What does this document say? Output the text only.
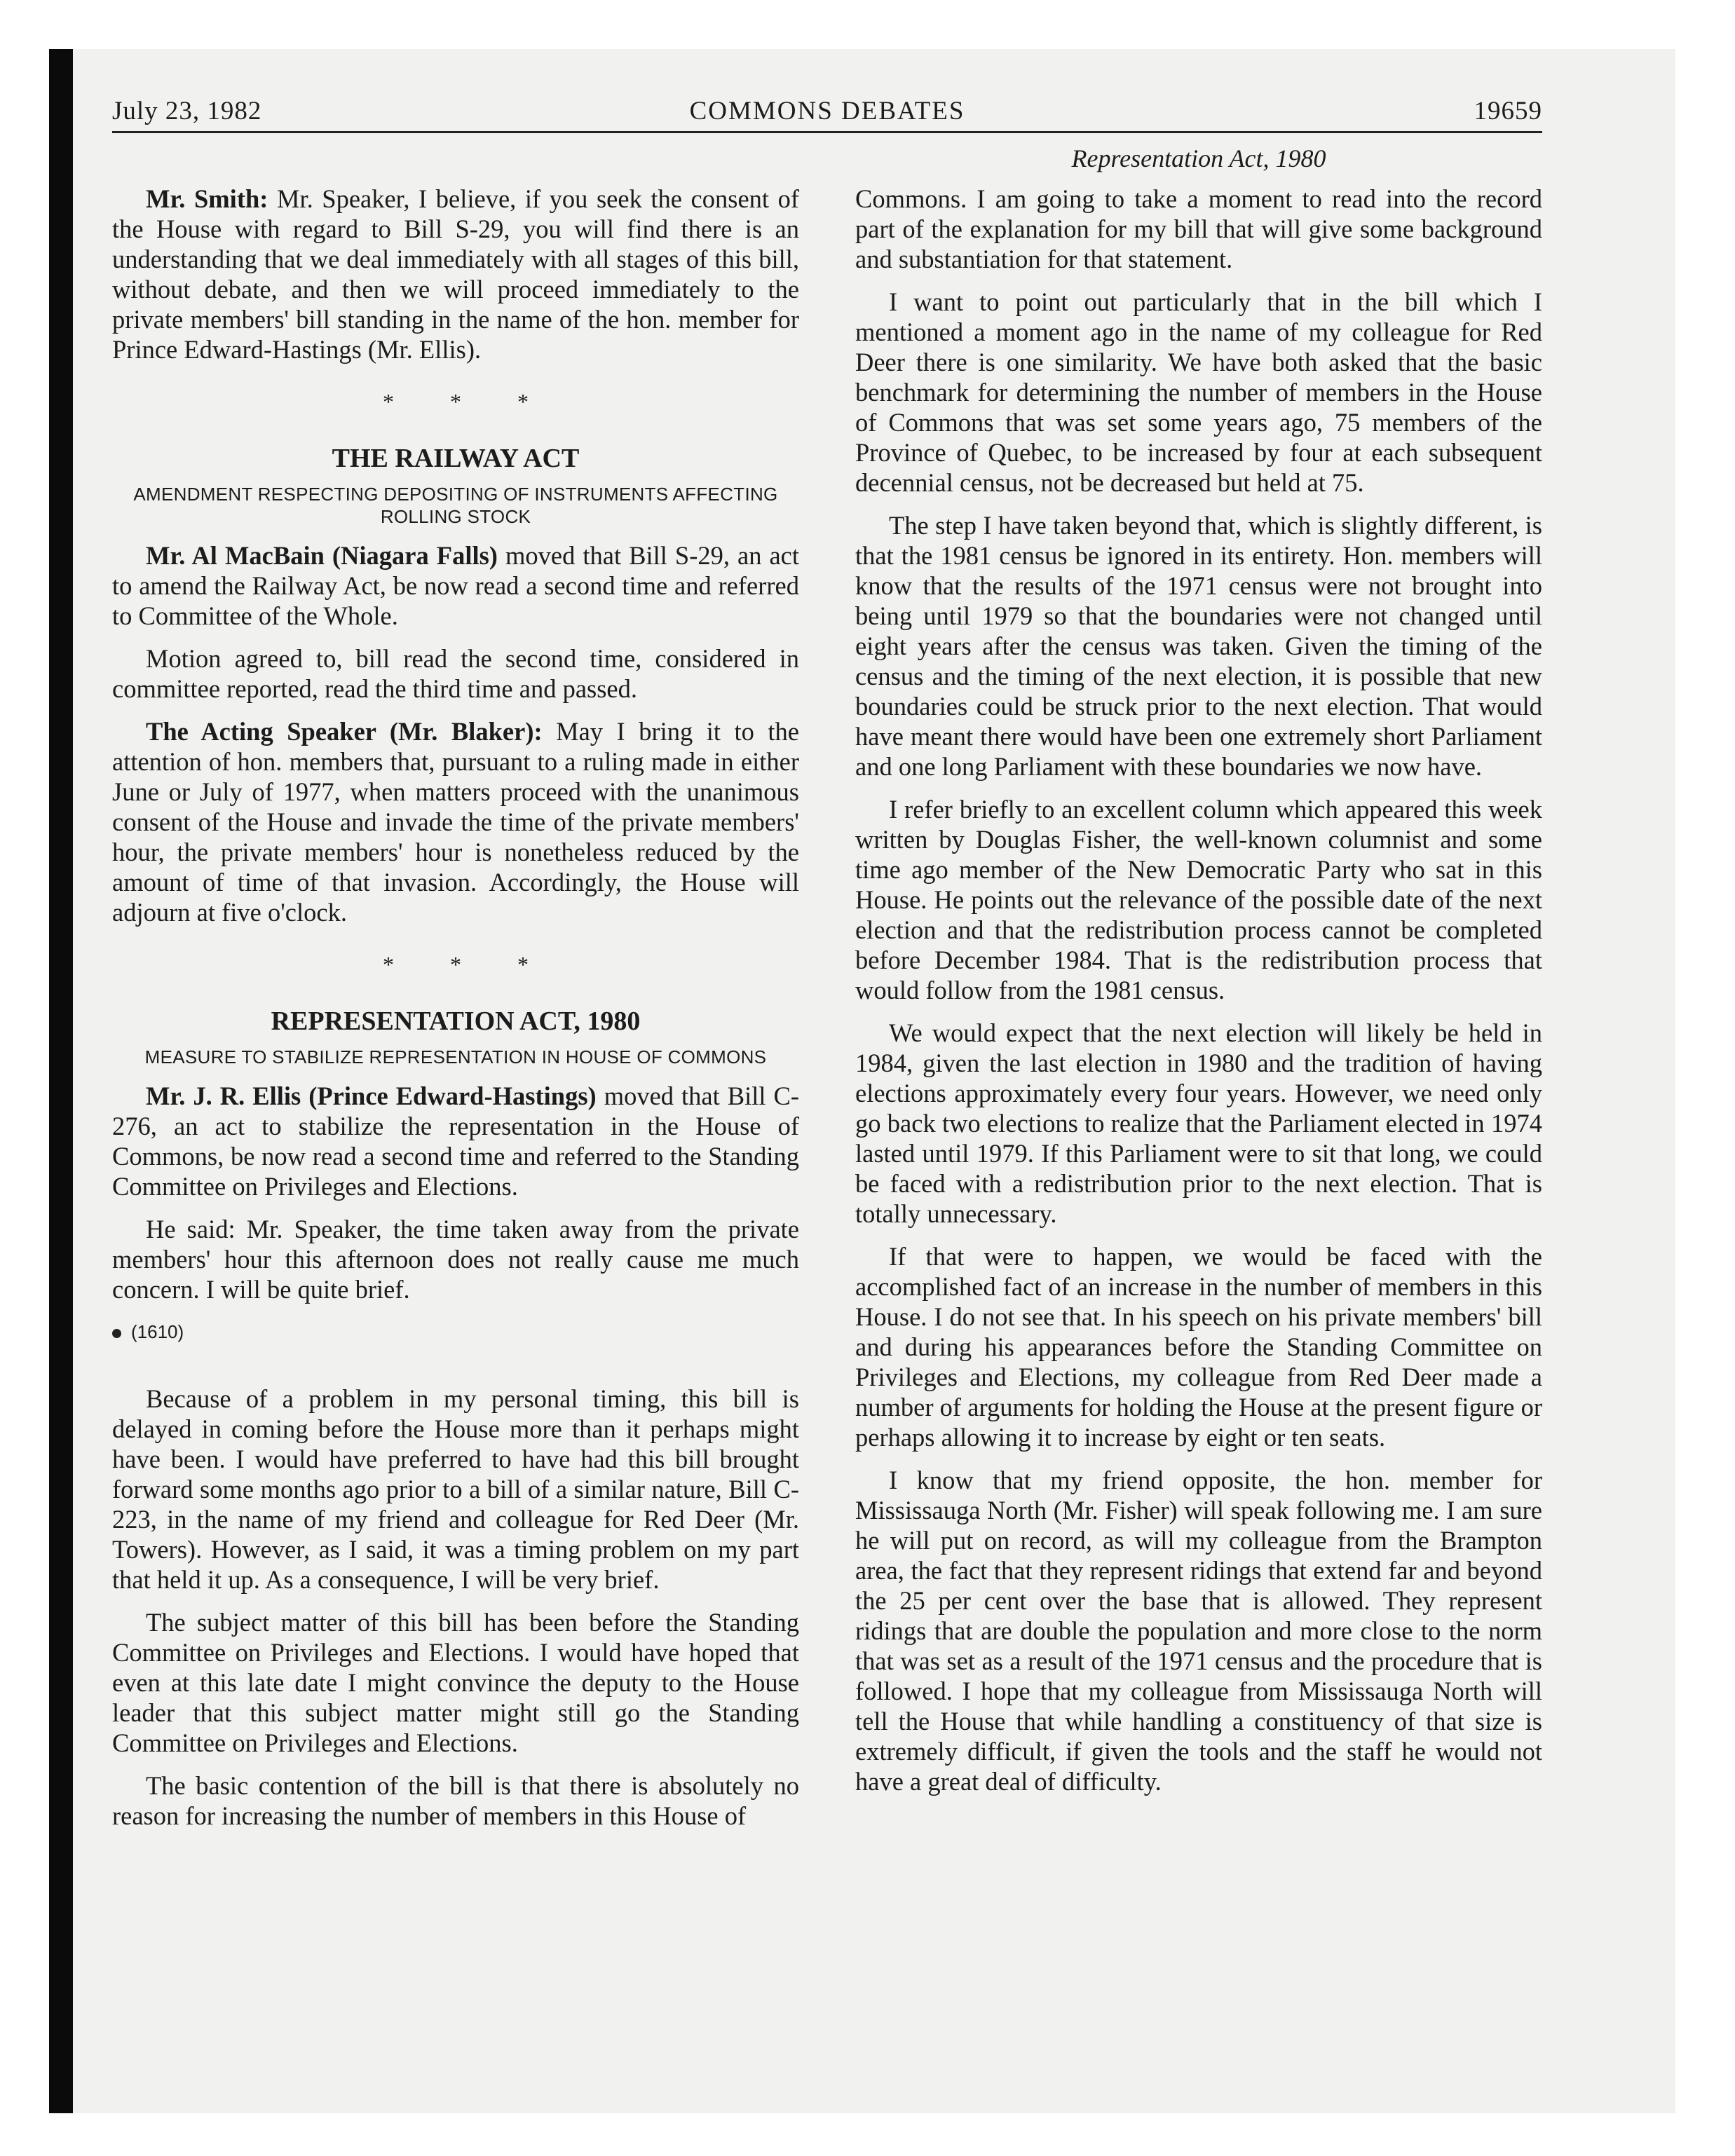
July 23, 1982	COMMONS DEBATES	19659
Representation Act, 1980

Mr. Smith: Mr. Speaker, I believe, if you seek the consent of the House with regard to Bill S-29, you will find there is an understanding that we deal immediately with all stages of this bill, without debate, and then we will proceed immediately to the private members' bill standing in the name of the hon. member for Prince Edward-Hastings (Mr. Ellis).

* * *
THE RAILWAY ACT
AMENDMENT RESPECTING DEPOSITING OF INSTRUMENTS AFFECTING ROLLING STOCK

Mr. Al MacBain (Niagara Falls) moved that Bill S-29, an act to amend the Railway Act, be now read a second time and referred to Committee of the Whole.

Motion agreed to, bill read the second time, considered in committee reported, read the third time and passed.

The Acting Speaker (Mr. Blaker): May I bring it to the attention of hon. members that, pursuant to a ruling made in either June or July of 1977, when matters proceed with the unanimous consent of the House and invade the time of the private members' hour, the private members' hour is nonetheless reduced by the amount of time of that invasion. Accordingly, the House will adjourn at five o'clock.

* * *
REPRESENTATION ACT, 1980
MEASURE TO STABILIZE REPRESENTATION IN HOUSE OF COMMONS

Mr. J. R. Ellis (Prince Edward-Hastings) moved that Bill C-276, an act to stabilize the representation in the House of Commons, be now read a second time and referred to the Standing Committee on Privileges and Elections.

He said: Mr. Speaker, the time taken away from the private members' hour this afternoon does not really cause me much concern. I will be quite brief.

(1610)

Because of a problem in my personal timing, this bill is delayed in coming before the House more than it perhaps might have been. I would have preferred to have had this bill brought forward some months ago prior to a bill of a similar nature, Bill C-223, in the name of my friend and colleague for Red Deer (Mr. Towers). However, as I said, it was a timing problem on my part that held it up. As a consequence, I will be very brief.

The subject matter of this bill has been before the Standing Committee on Privileges and Elections. I would have hoped that even at this late date I might convince the deputy to the House leader that this subject matter might still go the Standing Committee on Privileges and Elections.

The basic contention of the bill is that there is absolutely no reason for increasing the number of members in this House of

Commons. I am going to take a moment to read into the record part of the explanation for my bill that will give some background and substantiation for that statement.

I want to point out particularly that in the bill which I mentioned a moment ago in the name of my colleague for Red Deer there is one similarity. We have both asked that the basic benchmark for determining the number of members in the House of Commons that was set some years ago, 75 members of the Province of Quebec, to be increased by four at each subsequent decennial census, not be decreased but held at 75.

The step I have taken beyond that, which is slightly different, is that the 1981 census be ignored in its entirety. Hon. members will know that the results of the 1971 census were not brought into being until 1979 so that the boundaries were not changed until eight years after the census was taken. Given the timing of the census and the timing of the next election, it is possible that new boundaries could be struck prior to the next election. That would have meant there would have been one extremely short Parliament and one long Parliament with these boundaries we now have.

I refer briefly to an excellent column which appeared this week written by Douglas Fisher, the well-known columnist and some time ago member of the New Democratic Party who sat in this House. He points out the relevance of the possible date of the next election and that the redistribution process cannot be completed before December 1984. That is the redistribution process that would follow from the 1981 census.

We would expect that the next election will likely be held in 1984, given the last election in 1980 and the tradition of having elections approximately every four years. However, we need only go back two elections to realize that the Parliament elected in 1974 lasted until 1979. If this Parliament were to sit that long, we could be faced with a redistribution prior to the next election. That is totally unnecessary.

If that were to happen, we would be faced with the accomplished fact of an increase in the number of members in this House. I do not see that. In his speech on his private members' bill and during his appearances before the Standing Committee on Privileges and Elections, my colleague from Red Deer made a number of arguments for holding the House at the present figure or perhaps allowing it to increase by eight or ten seats.

I know that my friend opposite, the hon. member for Mississauga North (Mr. Fisher) will speak following me. I am sure he will put on record, as will my colleague from the Brampton area, the fact that they represent ridings that extend far and beyond the 25 per cent over the base that is allowed. They represent ridings that are double the population and more close to the norm that was set as a result of the 1971 census and the procedure that is followed. I hope that my colleague from Mississauga North will tell the House that while handling a constituency of that size is extremely difficult, if given the tools and the staff he would not have a great deal of difficulty.
